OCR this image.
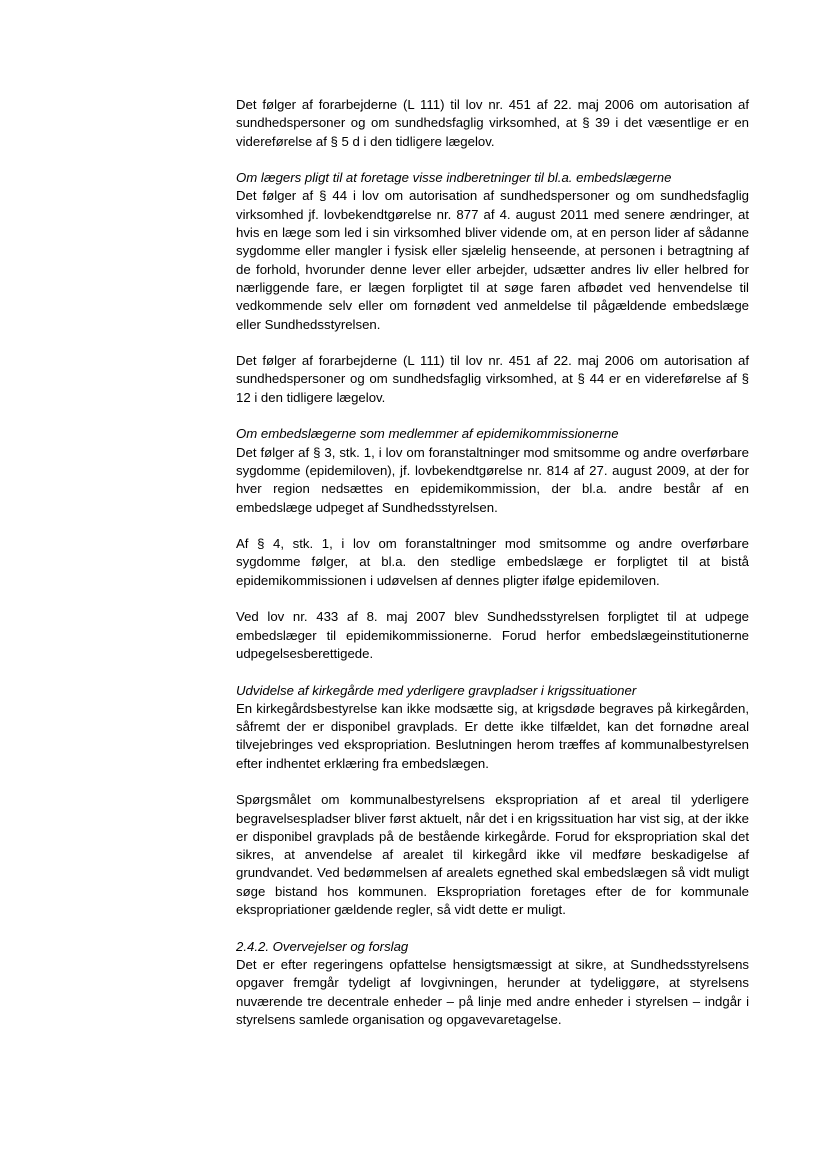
Det følger af forarbejderne (L 111) til lov nr. 451 af 22. maj 2006 om autorisation af sundhedspersoner og om sundhedsfaglig virksomhed, at § 39 i det væsentlige er en videreførelse af § 5 d i den tidligere lægelov.

Om lægers pligt til at foretage visse indberetninger til bl.a. embedslægerne

Det følger af § 44 i lov om autorisation af sundhedspersoner og om sundhedsfaglig virksomhed jf. lovbekendtgørelse nr. 877 af 4. august 2011 med senere ændringer, at hvis en læge som led i sin virksomhed bliver vidende om, at en person lider af sådanne sygdomme eller mangler i fysisk eller sjælelig henseende, at personen i betragtning af de forhold, hvorunder denne lever eller arbejder, udsætter andres liv eller helbred for nærliggende fare, er lægen forpligtet til at søge faren afbødet ved henvendelse til vedkommende selv eller om fornødent ved anmeldelse til pågældende embedslæge eller Sundhedsstyrelsen.

Det følger af forarbejderne (L 111) til lov nr. 451 af 22. maj 2006 om autorisation af sundhedspersoner og om sundhedsfaglig virksomhed, at § 44 er en videreførelse af § 12 i den tidligere lægelov.

Om embedslægerne som medlemmer af epidemikommissionerne

Det følger af § 3, stk. 1, i lov om foranstaltninger mod smitsomme og andre overførbare sygdomme (epidemiloven), jf. lovbekendtgørelse nr. 814 af 27. august 2009, at der for hver region nedsættes en epidemikommission, der bl.a. andre består af en embedslæge udpeget af Sundhedsstyrelsen.

Af § 4, stk. 1, i lov om foranstaltninger mod smitsomme og andre overførbare sygdomme følger, at bl.a. den stedlige embedslæge er forpligtet til at bistå epidemikommissionen i udøvelsen af dennes pligter ifølge epidemiloven.

Ved lov nr. 433 af 8. maj 2007 blev Sundhedsstyrelsen forpligtet til at udpege embedslæger til epidemikommissionerne. Forud herfor embedslægeinstitutionerne udpegelsesberettigede.

Udvidelse af kirkegårde med yderligere gravpladser i krigssituationer

En kirkegårdsbestyrelse kan ikke modsætte sig, at krigsdøde begraves på kirkegården, såfremt der er disponibel gravplads. Er dette ikke tilfældet, kan det fornødne areal tilvejebringes ved ekspropriation. Beslutningen herom træffes af kommunalbestyrelsen efter indhentet erklæring fra embedslægen.

Spørgsmålet om kommunalbestyrelsens ekspropriation af et areal til yderligere begravelsespladser bliver først aktuelt, når det i en krigssituation har vist sig, at der ikke er disponibel gravplads på de bestående kirkegårde. Forud for ekspropriation skal det sikres, at anvendelse af arealet til kirkegård ikke vil medføre beskadigelse af grundvandet. Ved bedømmelsen af arealets egnethed skal embedslægen så vidt muligt søge bistand hos kommunen. Ekspropriation foretages efter de for kommunale ekspropriationer gældende regler, så vidt dette er muligt.

2.4.2. Overvejelser og forslag

Det er efter regeringens opfattelse hensigtsmæssigt at sikre, at Sundhedsstyrelsens opgaver fremgår tydeligt af lovgivningen, herunder at tydeliggøre, at styrelsens nuværende tre decentrale enheder – på linje med andre enheder i styrelsen – indgår i styrelsens samlede organisation og opgavevaretagelse.
